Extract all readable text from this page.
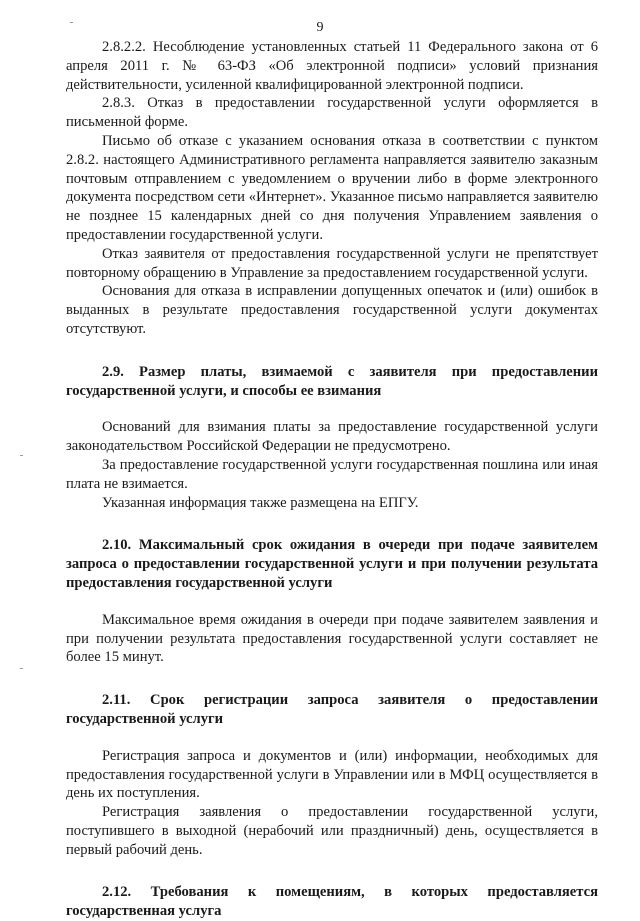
9

2.8.2.2. Несоблюдение установленных статьей 11 Федерального закона от 6 апреля 2011 г. № 63-ФЗ «Об электронной подписи» условий признания действительности, усиленной квалифицированной электронной подписи.

2.8.3. Отказ в предоставлении государственной услуги оформляется в письменной форме.

Письмо об отказе с указанием основания отказа в соответствии с пунктом 2.8.2. настоящего Административного регламента направляется заявителю заказным почтовым отправлением с уведомлением о вручении либо в форме электронного документа посредством сети «Интернет». Указанное письмо направляется заявителю не позднее 15 календарных дней со дня получения Управлением заявления о предоставлении государственной услуги.

Отказ заявителя от предоставления государственной услуги не препятствует повторному обращению в Управление за предоставлением государственной услуги.

Основания для отказа в исправлении допущенных опечаток и (или) ошибок в выданных в результате предоставления государственной услуги документах отсутствуют.

2.9. Размер платы, взимаемой с заявителя при предоставлении государственной услуги, и способы ее взимания

Оснований для взимания платы за предоставление государственной услуги законодательством Российской Федерации не предусмотрено.

За предоставление государственной услуги государственная пошлина или иная плата не взимается.

Указанная информация также размещена на ЕПГУ.

2.10. Максимальный срок ожидания в очереди при подаче заявителем запроса о предоставлении государственной услуги и при получении результата предоставления государственной услуги

Максимальное время ожидания в очереди при подаче заявителем заявления и при получении результата предоставления государственной услуги составляет не более 15 минут.

2.11. Срок регистрации запроса заявителя о предоставлении государственной услуги

Регистрация запроса и документов и (или) информации, необходимых для предоставления государственной услуги в Управлении или в МФЦ осуществляется в день их поступления.

Регистрация заявления о предоставлении государственной услуги, поступившего в выходной (нерабочий или праздничный) день, осуществляется в первый рабочий день.

2.12. Требования к помещениям, в которых предоставляется государственная услуга
